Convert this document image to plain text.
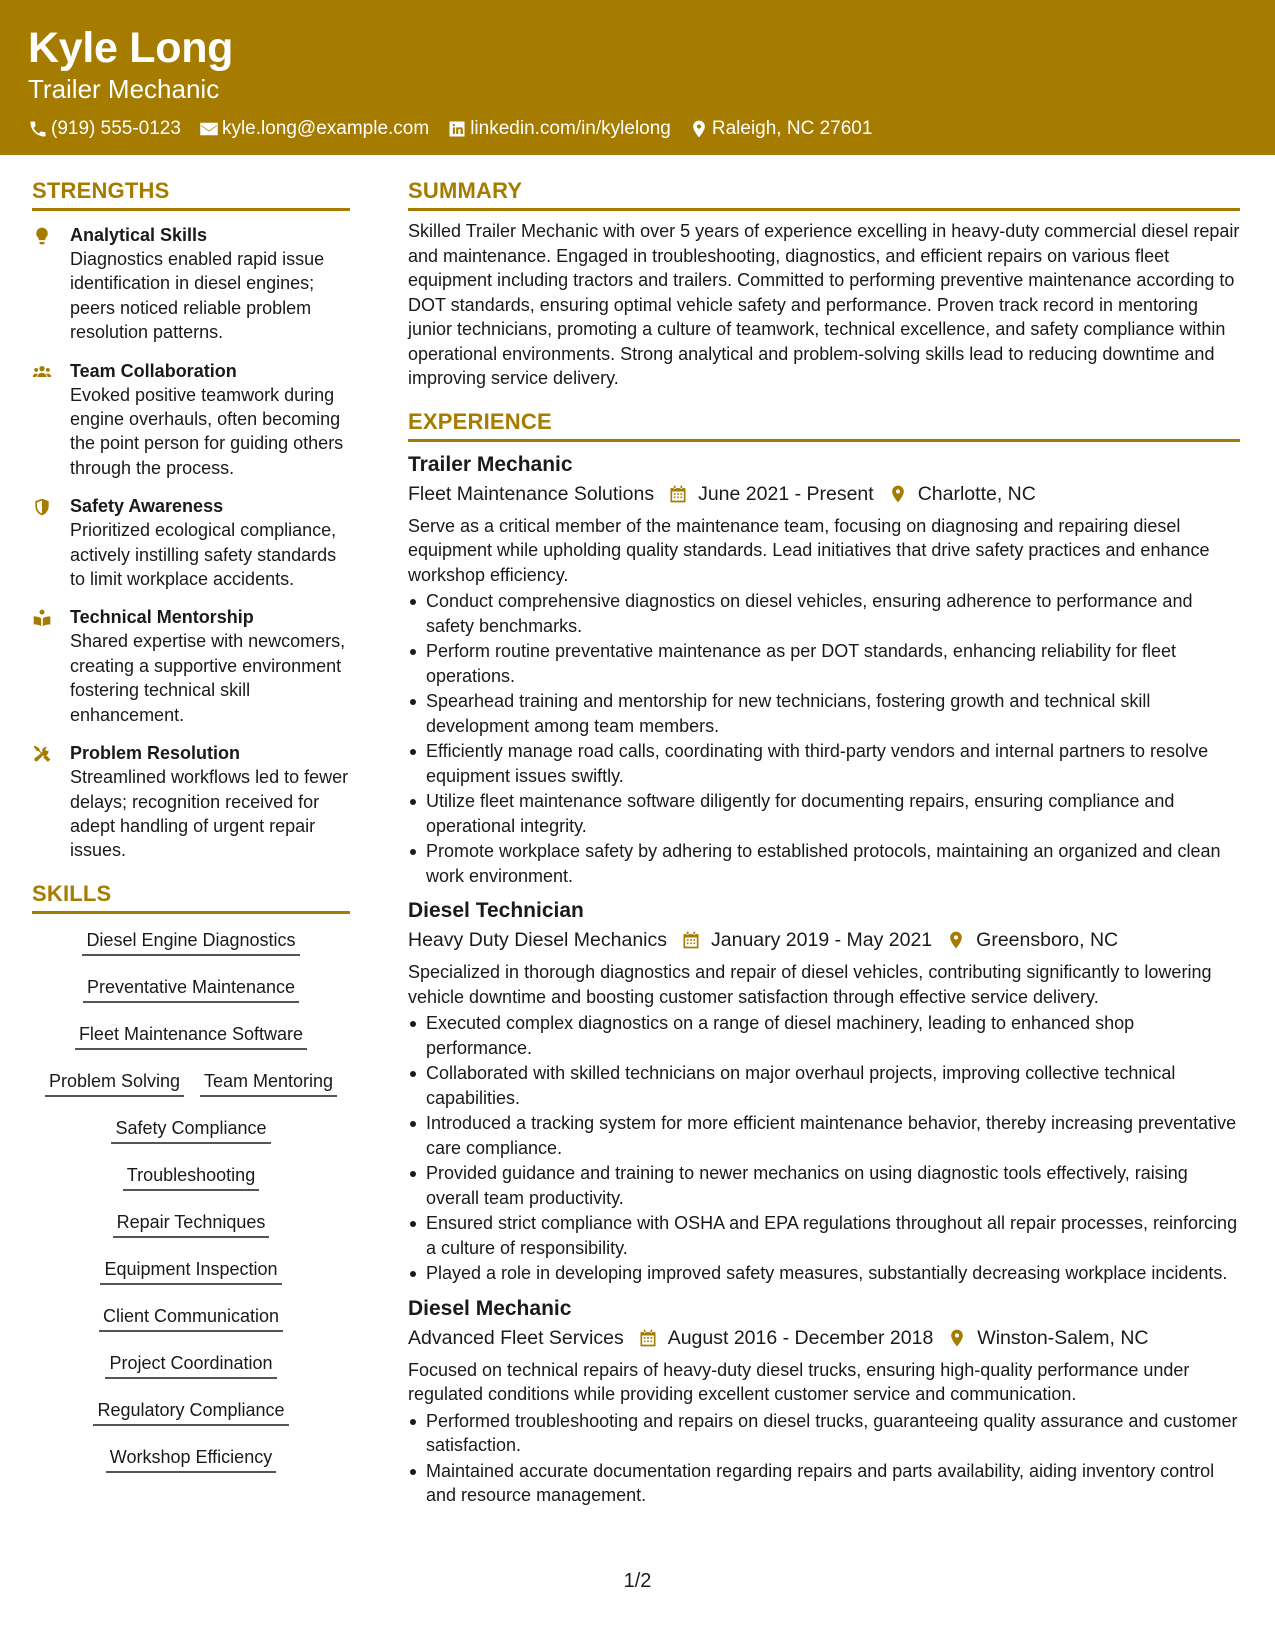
Kyle Long
Trailer Mechanic
(919) 555-0123 kyle.long@example.com linkedin.com/in/kylelong Raleigh, NC 27601
STRENGTHS
Analytical Skills
Diagnostics enabled rapid issue identification in diesel engines; peers noticed reliable problem resolution patterns.
Team Collaboration
Evoked positive teamwork during engine overhauls, often becoming the point person for guiding others through the process.
Safety Awareness
Prioritized ecological compliance, actively instilling safety standards to limit workplace accidents.
Technical Mentorship
Shared expertise with newcomers, creating a supportive environment fostering technical skill enhancement.
Problem Resolution
Streamlined workflows led to fewer delays; recognition received for adept handling of urgent repair issues.
SKILLS
Diesel Engine Diagnostics
Preventative Maintenance
Fleet Maintenance Software
Problem Solving Team Mentoring
Safety Compliance
Troubleshooting
Repair Techniques
Equipment Inspection
Client Communication
Project Coordination
Regulatory Compliance
Workshop Efficiency
SUMMARY
Skilled Trailer Mechanic with over 5 years of experience excelling in heavy-duty commercial diesel repair and maintenance. Engaged in troubleshooting, diagnostics, and efficient repairs on various fleet equipment including tractors and trailers. Committed to performing preventive maintenance according to DOT standards, ensuring optimal vehicle safety and performance. Proven track record in mentoring junior technicians, promoting a culture of teamwork, technical excellence, and safety compliance within operational environments. Strong analytical and problem-solving skills lead to reducing downtime and improving service delivery.
EXPERIENCE
Trailer Mechanic
Fleet Maintenance Solutions June 2021 - Present Charlotte, NC
Serve as a critical member of the maintenance team, focusing on diagnosing and repairing diesel equipment while upholding quality standards. Lead initiatives that drive safety practices and enhance workshop efficiency.
Conduct comprehensive diagnostics on diesel vehicles, ensuring adherence to performance and safety benchmarks.
Perform routine preventative maintenance as per DOT standards, enhancing reliability for fleet operations.
Spearhead training and mentorship for new technicians, fostering growth and technical skill development among team members.
Efficiently manage road calls, coordinating with third-party vendors and internal partners to resolve equipment issues swiftly.
Utilize fleet maintenance software diligently for documenting repairs, ensuring compliance and operational integrity.
Promote workplace safety by adhering to established protocols, maintaining an organized and clean work environment.
Diesel Technician
Heavy Duty Diesel Mechanics January 2019 - May 2021 Greensboro, NC
Specialized in thorough diagnostics and repair of diesel vehicles, contributing significantly to lowering vehicle downtime and boosting customer satisfaction through effective service delivery.
Executed complex diagnostics on a range of diesel machinery, leading to enhanced shop performance.
Collaborated with skilled technicians on major overhaul projects, improving collective technical capabilities.
Introduced a tracking system for more efficient maintenance behavior, thereby increasing preventative care compliance.
Provided guidance and training to newer mechanics on using diagnostic tools effectively, raising overall team productivity.
Ensured strict compliance with OSHA and EPA regulations throughout all repair processes, reinforcing a culture of responsibility.
Played a role in developing improved safety measures, substantially decreasing workplace incidents.
Diesel Mechanic
Advanced Fleet Services August 2016 - December 2018 Winston-Salem, NC
Focused on technical repairs of heavy-duty diesel trucks, ensuring high-quality performance under regulated conditions while providing excellent customer service and communication.
Performed troubleshooting and repairs on diesel trucks, guaranteeing quality assurance and customer satisfaction.
Maintained accurate documentation regarding repairs and parts availability, aiding inventory control and resource management.
1/2
